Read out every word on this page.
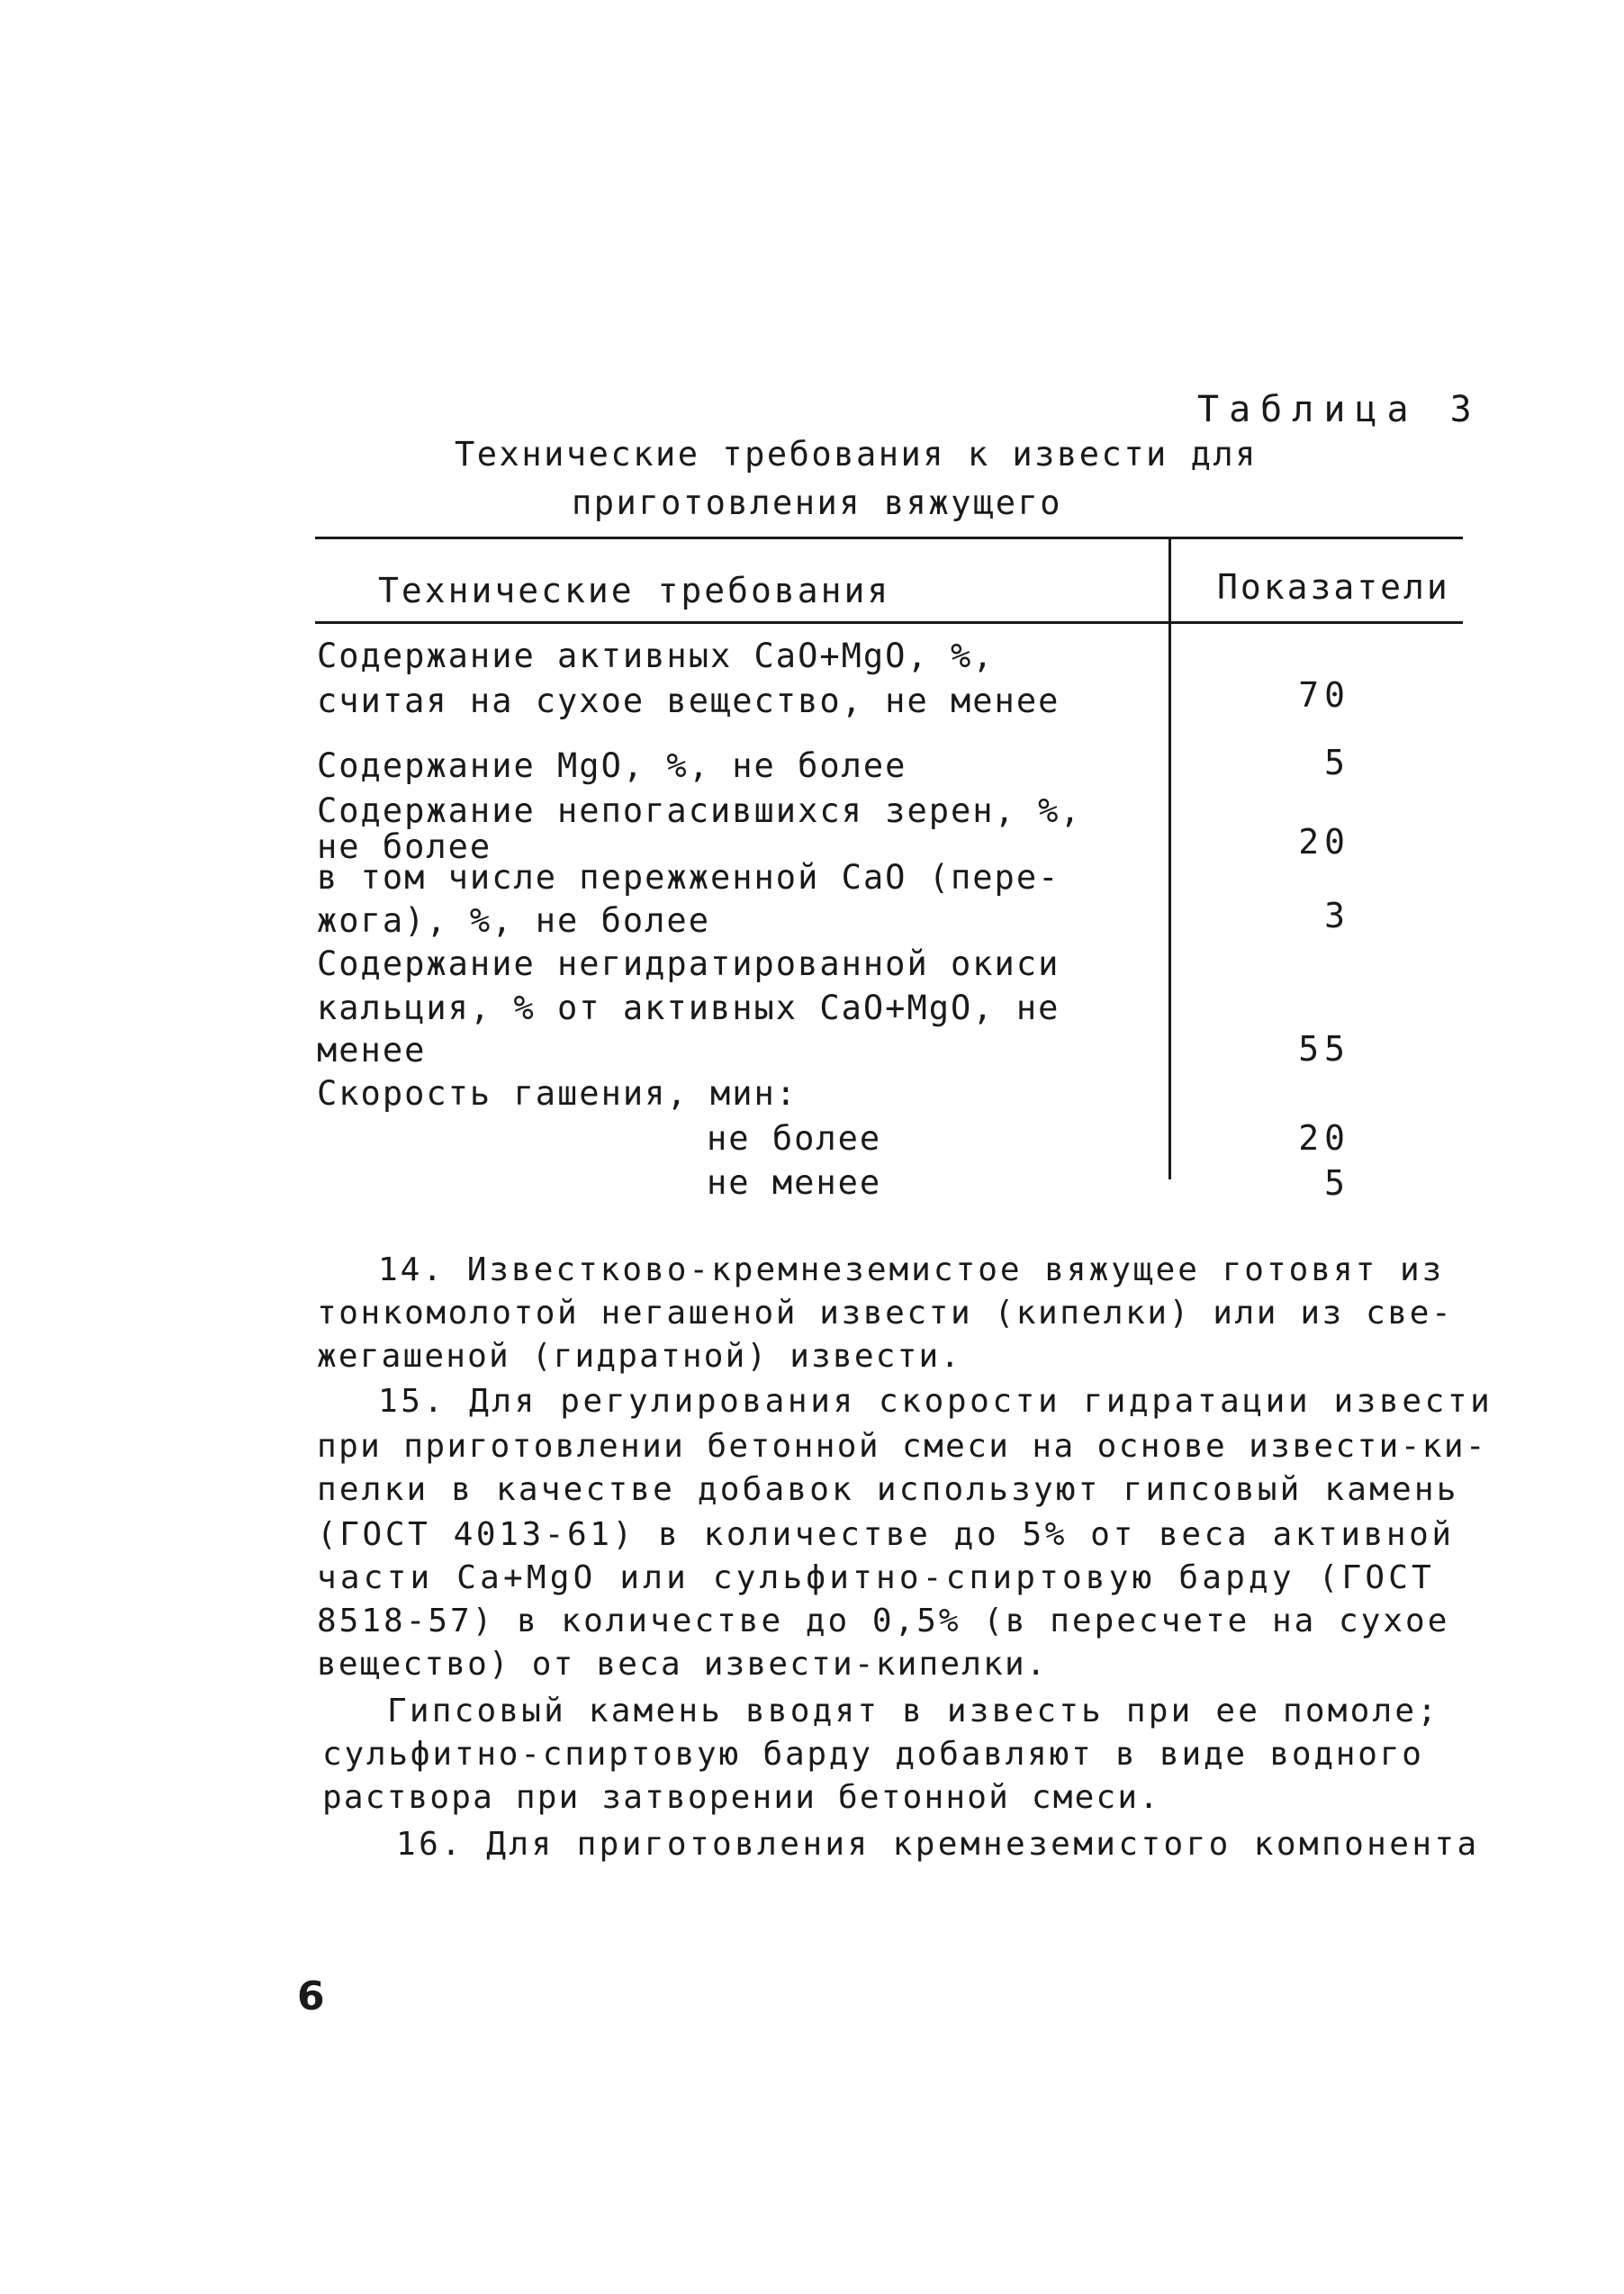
Таблица 3
Технические требования к извести для
приготовления вяжущего
Технические требования	Показатели
Содержание активных CaO+MgO, %,
считая на сухое вещество, не менее
Содержание MgO, %, не более
Содержание непогасившихся зерен, %,
не более
в том числе пережженной CaO (пере-
жога), %, не более
Содержание негидратированной окиси
кальция, % от активных CaO+MgO, не
менее
Скорость гашения, мин:
не более
не менее
70
5
20
3
55
20
5
14. Известково-кремнеземистое вяжущее готовят из
тонкомолотой негашеной извести (кипелки) или из све-
жегашеной (гидратной) извести.
15. Для регулирования скорости гидратации извести
при приготовлении бетонной смеси на основе извести-ки-
пелки в качестве добавок используют гипсовый камень
(ГОСТ 4013-61) в количестве до 5% от веса активной
части Ca+MgO или сульфитно-спиртовую барду (ГОСТ
8518-57) в количестве до 0,5% (в пересчете на сухое
вещество) от веса извести-кипелки.
Гипсовый камень вводят в известь при ее помоле;
сульфитно-спиртовую барду добавляют в виде водного
раствора при затворении бетонной смеси.
16. Для приготовления кремнеземистого компонента
6
